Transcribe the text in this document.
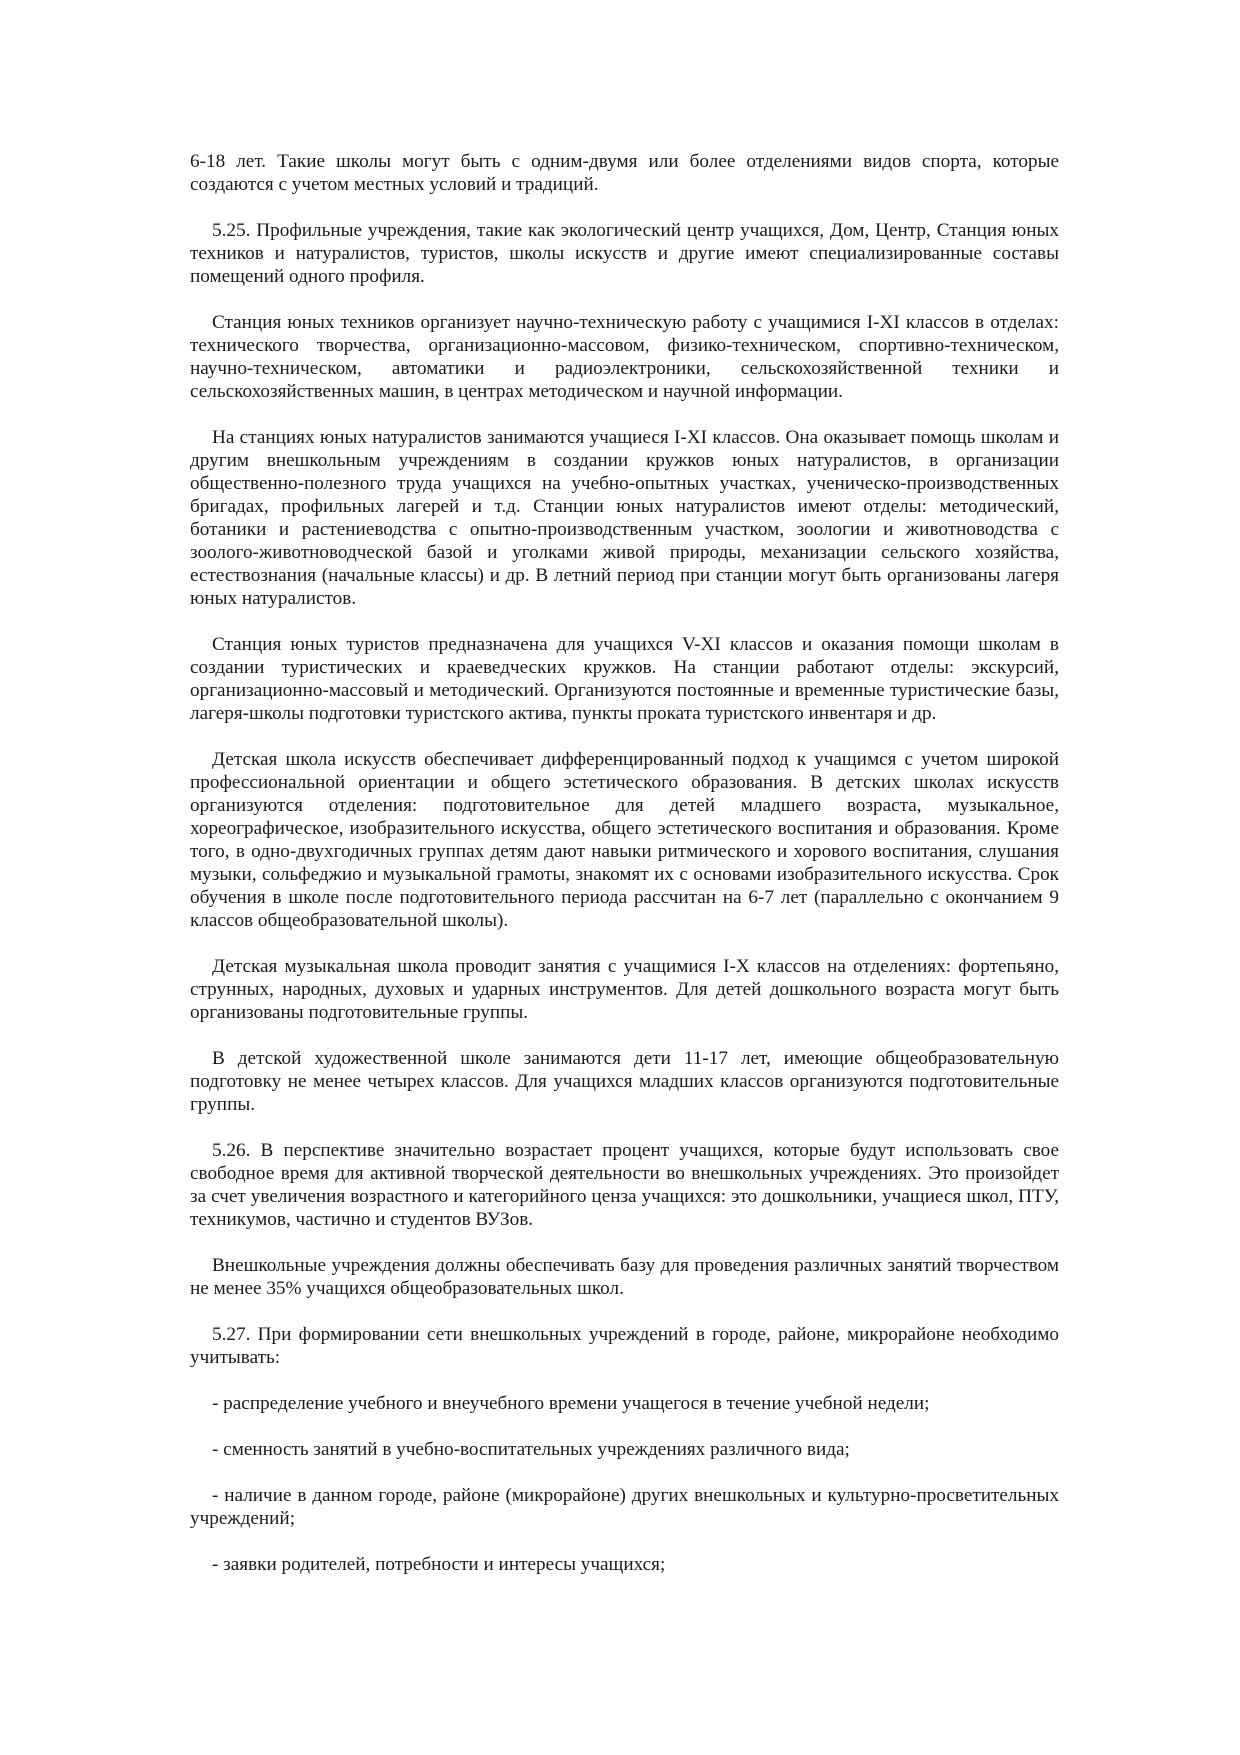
6-18 лет. Такие школы могут быть с одним-двумя или более отделениями видов спорта, которые создаются с учетом местных условий и традиций.

5.25. Профильные учреждения, такие как экологический центр учащихся, Дом, Центр, Станция юных техников и натуралистов, туристов, школы искусств и другие имеют специализированные составы помещений одного профиля.

Станция юных техников организует научно-техническую работу с учащимися I-XI классов в отделах: технического творчества, организационно-массовом, физико-техническом, спортивно-техническом, научно-техническом, автоматики и радиоэлектроники, сельскохозяйственной техники и сельскохозяйственных машин, в центрах методическом и научной информации.

На станциях юных натуралистов занимаются учащиеся I-XI классов. Она оказывает помощь школам и другим внешкольным учреждениям в создании кружков юных натуралистов, в организации общественно-полезного труда учащихся на учебно-опытных участках, ученическо-производственных бригадах, профильных лагерей и т.д. Станции юных натуралистов имеют отделы: методический, ботаники и растениеводства с опытно-производственным участком, зоологии и животноводства с зоолого-животноводческой базой и уголками живой природы, механизации сельского хозяйства, естествознания (начальные классы) и др. В летний период при станции могут быть организованы лагеря юных натуралистов.

Станция юных туристов предназначена для учащихся V-XI классов и оказания помощи школам в создании туристических и краеведческих кружков. На станции работают отделы: экскурсий, организационно-массовый и методический. Организуются постоянные и временные туристические базы, лагеря-школы подготовки туристского актива, пункты проката туристского инвентаря и др.

Детская школа искусств обеспечивает дифференцированный подход к учащимся с учетом широкой профессиональной ориентации и общего эстетического образования. В детских школах искусств организуются отделения: подготовительное для детей младшего возраста, музыкальное, хореографическое, изобразительного искусства, общего эстетического воспитания и образования. Кроме того, в одно-двухгодичных группах детям дают навыки ритмического и хорового воспитания, слушания музыки, сольфеджио и музыкальной грамоты, знакомят их с основами изобразительного искусства. Срок обучения в школе после подготовительного периода рассчитан на 6-7 лет (параллельно с окончанием 9 классов общеобразовательной школы).

Детская музыкальная школа проводит занятия с учащимися I-X классов на отделениях: фортепьяно, струнных, народных, духовых и ударных инструментов. Для детей дошкольного возраста могут быть организованы подготовительные группы.

В детской художественной школе занимаются дети 11-17 лет, имеющие общеобразовательную подготовку не менее четырех классов. Для учащихся младших классов организуются подготовительные группы.

5.26. В перспективе значительно возрастает процент учащихся, которые будут использовать свое свободное время для активной творческой деятельности во внешкольных учреждениях. Это произойдет за счет увеличения возрастного и категорийного ценза учащихся: это дошкольники, учащиеся школ, ПТУ, техникумов, частично и студентов ВУЗов.

Внешкольные учреждения должны обеспечивать базу для проведения различных занятий творчеством не менее 35% учащихся общеобразовательных школ.

5.27. При формировании сети внешкольных учреждений в городе, районе, микрорайоне необходимо учитывать:

- распределение учебного и внеучебного времени учащегося в течение учебной недели;

- сменность занятий в учебно-воспитательных учреждениях различного вида;

- наличие в данном городе, районе (микрорайоне) других внешкольных и культурно-просветительных учреждений;

- заявки родителей, потребности и интересы учащихся;
